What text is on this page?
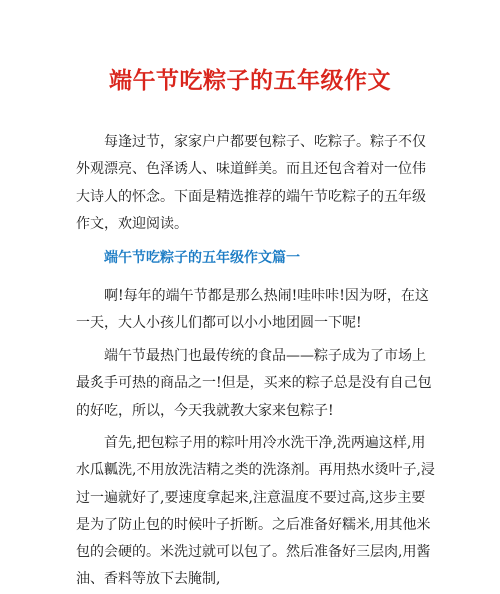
端午节吃粽子的五年级作文

每逢过节，家家户户都要包粽子、吃粽子。粽子不仅外观漂亮、色泽诱人、味道鲜美。而且还包含着对一位伟大诗人的怀念。下面是精选推荐的端午节吃粽子的五年级作文，欢迎阅读。

端午节吃粽子的五年级作文篇一

啊!每年的端午节都是那么热闹!哇咔咔!因为呀，在这一天，大人小孩儿们都可以小小地团圆一下呢!

端午节最热门也最传统的食品——粽子成为了市场上最炙手可热的商品之一!但是，买来的粽子总是没有自己包的好吃，所以，今天我就教大家来包粽子!

首先,把包粽子用的粽叶用冷水洗干净,洗两遍这样,用水瓜瓤洗,不用放洗洁精之类的洗涤剂。再用热水烫叶子,浸过一遍就好了,要速度拿起来,注意温度不要过高,这步主要是为了防止包的时候叶子折断。之后准备好糯米,用其他米包的会硬的。米洗过就可以包了。然后准备好三层肉,用酱油、香料等放下去腌制,
